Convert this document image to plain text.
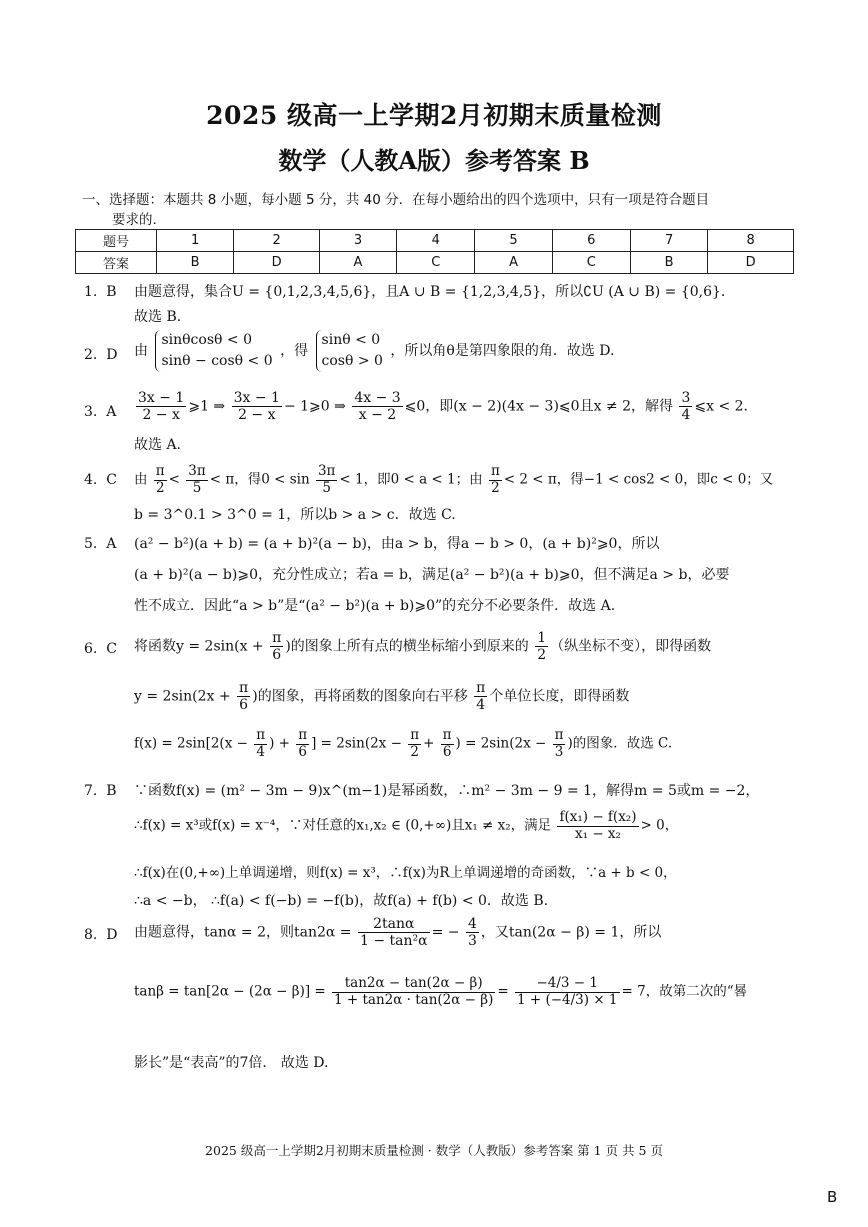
2025 级高一上学期2月初期末质量检测
数学（人教A版）参考答案 B
一、选择题：本题共 8 小题，每小题 5 分，共 40 分．在每小题给出的四个选项中，只有一项是符合题目
要求的.
题号	1	2	3	4	5	6	7	8
答案	B	D	A	C	A	C	B	D
1. B	由题意得，集合U = {0,1,2,3,4,5,6}，且A ∪ B = {1,2,3,4,5}，所以∁U (A ∪ B) = {0,6}．
故选 B.
2. D	由
sinθcosθ < 0
sinθ − cosθ < 0
，得
sinθ < 0
cosθ > 0
，所以角θ是第四象限的角．故选 D.
3. A	$\frac{3x - 1}{2 - x}$ ⩾1 ⇒ $\frac{3x - 1}{2 - x}$ − 1⩾0 ⇒ $\frac{4x - 3}{x - 2}$ ⩽0，即(x − 2)(4x − 3)⩽0且x ≠ 2，解得 $\frac{3}{4}$ ⩽x < 2．
故选 A.
4. C	由 $\frac{\pi}{2} < \frac{3\pi}{5} < \pi$，得$0 < \sin \frac{3\pi}{5} < 1$，即0 < a < 1；由 $\frac{\pi}{2} < 2 < \pi$，得−1 < cos2 < 0，即c < 0；又
b = 3^0.1 > 3^0 = 1，所以b > a > c．故选 C.
5. A	(a² − b²)(a + b) = (a + b)²(a − b)，由a > b，得a − b > 0，(a + b)²⩾0，所以
(a + b)²(a − b)⩾0，充分性成立；若a = b，满足(a² − b²)(a + b)⩾0，但不满足a > b，必要
性不成立．因此“a > b”是“(a² − b²)(a + b)⩾0”的充分不必要条件．故选 A.
6. C	将函数$y = 2\sin(x + \frac{\pi}{6}$ )的图象上所有点的横坐标缩小到原来的 $\frac{1}{2}$ （纵坐标不变），即得函数
$y = 2\sin(2x + \frac{\pi}{6}$ )的图象，再将函数的图象向右平移 $\frac{\pi}{4}$ 个单位长度，即得函数
$f(x) = 2\sin[2(x - \frac{\pi}{4}$ ) + $\frac{\pi}{6}$ ] = $2\sin(2x - \frac{\pi}{2} + \frac{\pi}{6}$ ) = $2\sin(2x - \frac{\pi}{3}$ )的图象．故选 C.
7. B	∵函数f(x) = (m² − 3m − 9)x^(m−1)是幂函数，∴m² − 3m − 9 = 1，解得m = 5或m = −2，
∴f(x) = x³或f(x) = x⁻⁴，∵对任意的x₁,x₂ ∈ (0,+∞)且x₁ ≠ x₂，满足 $\frac{\text{f(x₁) − f(x₂)}}{\text{x₁ − x₂}} > 0$，
∴f(x)在(0,+∞)上单调递增，则f(x) = x³，∴f(x)为R上单调递增的奇函数，∵a + b < 0，
∴a < −b， ∴f(a) < f(−b) = −f(b)，故f(a) + f(b) < 0．故选 B.
8. D	由题意得，tanα = 2，则$\tan 2\alpha = \frac{2\tan\alpha}{\text{1 − tan²α}}$ = − $\frac{4}{3}$ ，又tan(2α − β) = 1，所以
$\tan\beta = \tan[2\alpha - (2\alpha - \beta)] = \frac{\tan 2\alpha - \tan(2\alpha - \beta)}{1 + \tan 2\alpha \cdot \tan(2\alpha - \beta)} = \frac{-4/3 - 1}{1 + (-4/3) \times 1} = 7$，故第二次的“晷
影长”是“表高”的7倍． 故选 D.
2025 级高一上学期2月初期末质量检测 · 数学（人教版）参考答案 第 1 页 共 5 页
B
